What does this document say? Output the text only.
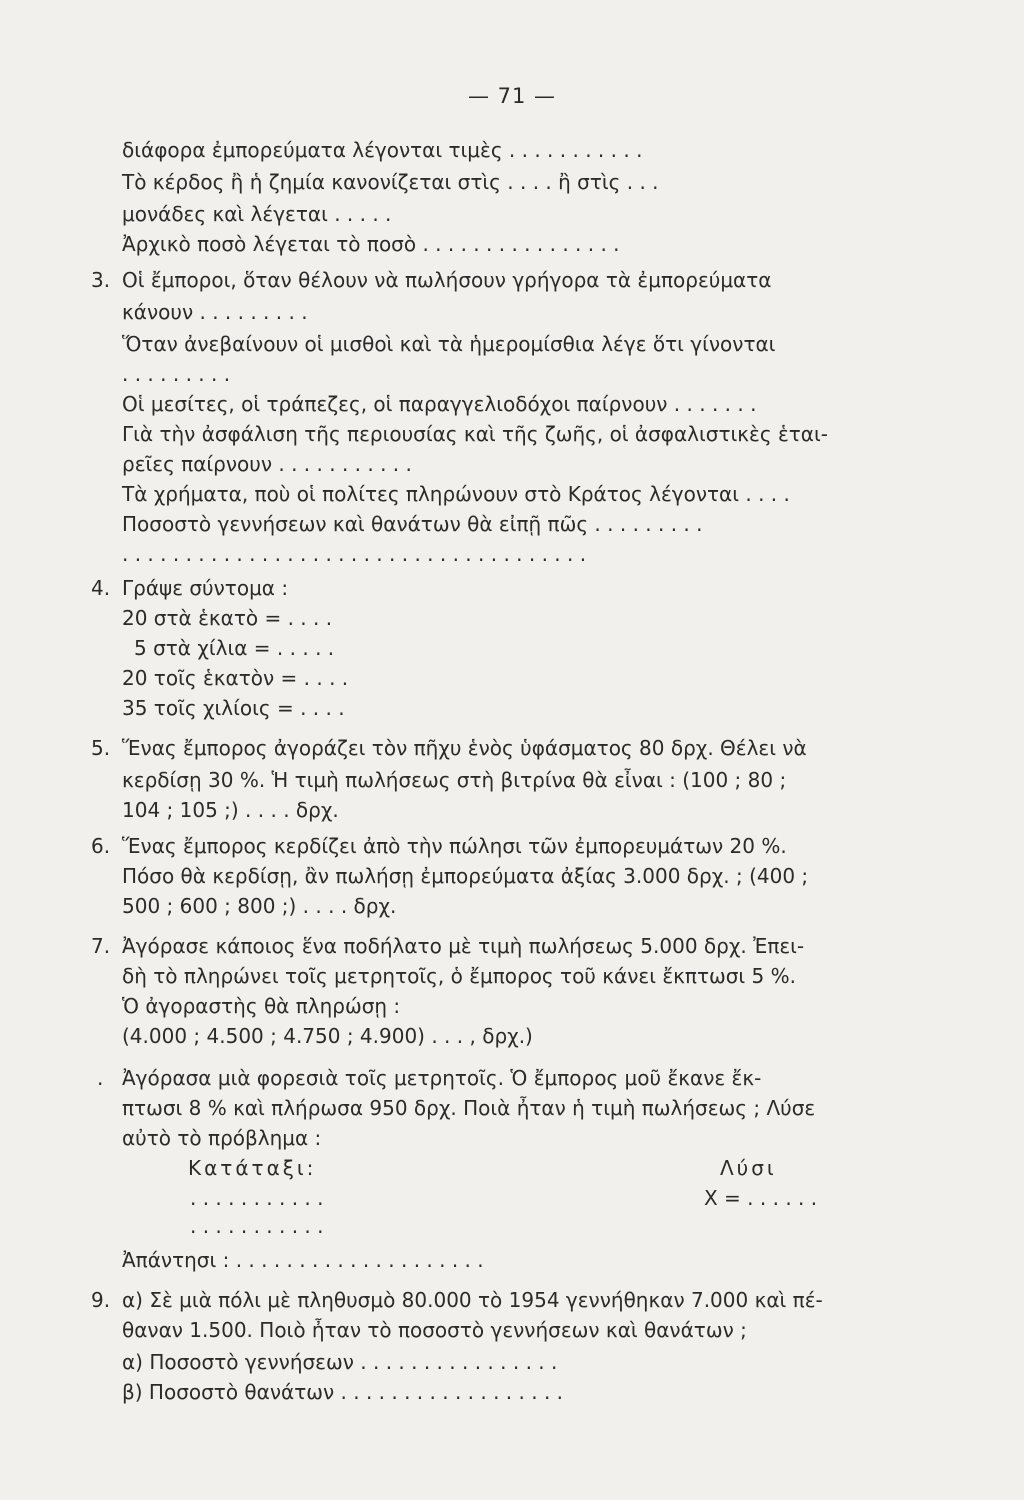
— 71 —
διάφορα ἐμπορεύματα λέγονται τιμὲς . . . . . . . . . . .
Τὸ κέρδος ἢ ἡ ζημία κανονίζεται στὶς . . . . ἢ στὶς . . .
μονάδες καὶ λέγεται . . . . .
Ἀρχικὸ ποσὸ λέγεται τὸ ποσὸ . . . . . . . . . . . . . . . .
3. Οἱ ἔμποροι, ὅταν θέλουν νὰ πωλήσουν γρήγορα τὰ ἐμπορεύματα
κάνουν . . . . . . . . .
Ὅταν ἀνεβαίνουν οἱ μισθοὶ καὶ τὰ ἡμερομίσθια λέγε ὅτι γίνονται
. . . . . . . . .
Οἱ μεσίτες, οἱ τράπεζες, οἱ παραγγελιοδόχοι παίρνουν . . . . . . .
Γιὰ τὴν ἀσφάλιση τῆς περιουσίας καὶ τῆς ζωῆς, οἱ ἀσφαλιστικὲς ἑται-
ρεῖες παίρνουν . . . . . . . . . . .
Τὰ χρήματα, ποὺ οἱ πολίτες πληρώνουν στὸ Κράτος λέγονται . . . .
Ποσοστὸ γεννήσεων καὶ θανάτων θὰ εἰπῇ πῶς . . . . . . . . .
. . . . . . . . . . . . . . . . . . . . . . . . . . . . . . . . . . . . .
4. Γράψε σύντομα :
20 στὰ ἑκατὸ = . . . .
5 στὰ χίλια = . . . . .
20 τοῖς ἑκατὸν = . . . .
35 τοῖς χιλίοις = . . . .
5. Ἕνας ἔμπορος ἀγοράζει τὸν πῆχυ ἑνὸς ὑφάσματος 80 δρχ. Θέλει νὰ
κερδίσῃ 30 %. Ἡ τιμὴ πωλήσεως στὴ βιτρίνα θὰ εἶναι : (100 ; 80 ;
104 ; 105 ;) . . . . δρχ.
6. Ἕνας ἔμπορος κερδίζει ἀπὸ τὴν πώλησι τῶν ἐμπορευμάτων 20 %.
Πόσο θὰ κερδίσῃ, ἂν πωλήσῃ ἐμπορεύματα ἀξίας 3.000 δρχ. ; (400 ;
500 ; 600 ; 800 ;) . . . . δρχ.
7. Ἀγόρασε κάποιος ἕνα ποδήλατο μὲ τιμὴ πωλήσεως 5.000 δρχ. Ἐπει-
δὴ τὸ πληρώνει τοῖς μετρητοῖς, ὁ ἔμπορος τοῦ κάνει ἔκπτωσι 5 %.
Ὁ ἀγοραστὴς θὰ πληρώσῃ :
(4.000 ; 4.500 ; 4.750 ; 4.900) . . . , δρχ.)
. Ἀγόρασα μιὰ φορεσιὰ τοῖς μετρητοῖς. Ὁ ἔμπορος μοῦ ἔκανε ἔκ-
πτωσι 8 % καὶ πλήρωσα 950 δρχ. Ποιὰ ἦταν ἡ τιμὴ πωλήσεως ; Λύσε
αὐτὸ τὸ πρόβλημα :
Κατάταξι:	Λύσι
. . . . . . . . . . .	Χ = . . . . . .
. . . . . . . . . . .
Ἀπάντησι : . . . . . . . . . . . . . . . . . . . .
9. α) Σὲ μιὰ πόλι μὲ πληθυσμὸ 80.000 τὸ 1954 γεννήθηκαν 7.000 καὶ πέ-
θαναν 1.500. Ποιὸ ἦταν τὸ ποσοστὸ γεννήσεων καὶ θανάτων ;
α) Ποσοστὸ γεννήσεων . . . . . . . . . . . . . . . .
β) Ποσοστὸ θανάτων . . . . . . . . . . . . . . . . . .
